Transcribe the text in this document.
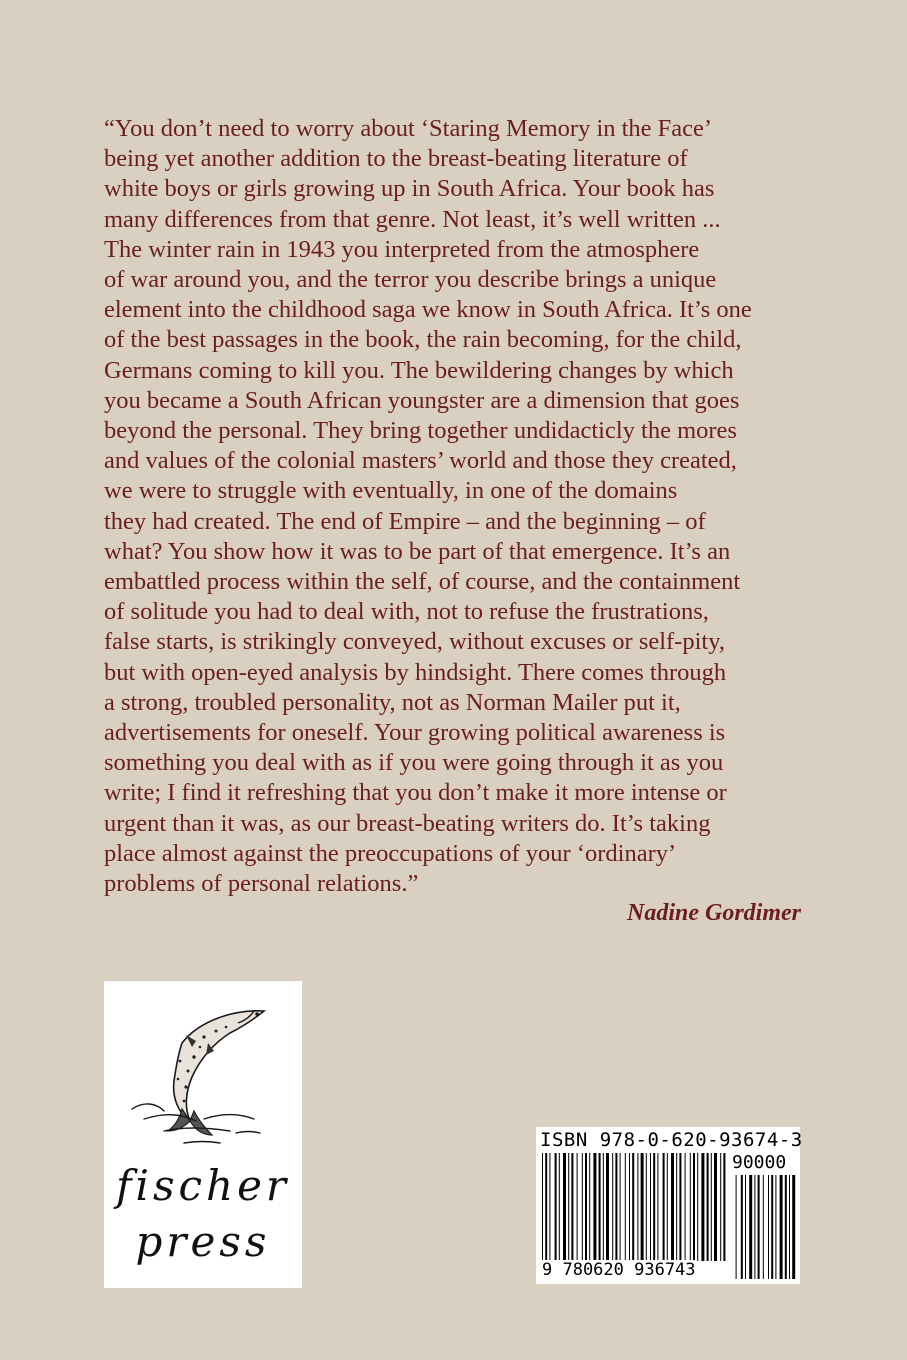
“You don’t need to worry about ‘Staring Memory in the Face’
being yet another addition to the breast-beating literature of
white boys or girls growing up in South Africa. Your book has
many differences from that genre. Not least, it’s well written ...
The winter rain in 1943 you interpreted from the atmosphere
of war around you, and the terror you describe brings a unique
element into the childhood saga we know in South Africa. It’s one
of the best passages in the book, the rain becoming, for the child,
Germans coming to kill you. The bewildering changes by which
you became a South African youngster are a dimension that goes
beyond the personal. They bring together undidacticly the mores
and values of the colonial masters’ world and those they created,
we were to struggle with eventually, in one of the domains
they had created. The end of Empire – and the beginning – of
what? You show how it was to be part of that emergence. It’s an
embattled process within the self, of course, and the containment
of solitude you had to deal with, not to refuse the frustrations,
false starts, is strikingly conveyed, without excuses or self-pity,
but with open-eyed analysis by hindsight. There comes through
a strong, troubled personality, not as Norman Mailer put it,
advertisements for oneself. Your growing political awareness is
something you deal with as if you were going through it as you
write; I find it refreshing that you don’t make it more intense or
urgent than it was, as our breast-beating writers do. It’s taking
place almost against the preoccupations of your ‘ordinary’
problems of personal relations.”
Nadine Gordimer
fischer
press
ISBN 978-0-620-93674-3
90000
9 780620 936743
